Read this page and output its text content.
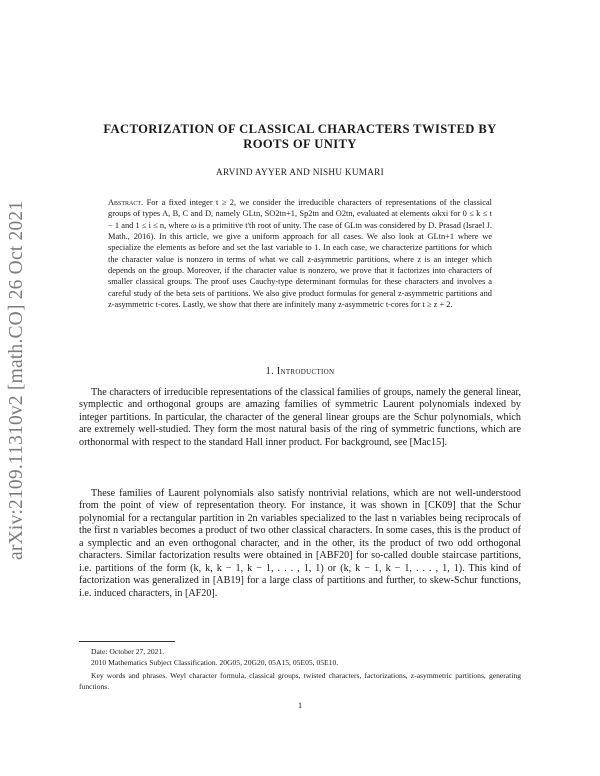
arXiv:2109.11310v2 [math.CO] 26 Oct 2021
FACTORIZATION OF CLASSICAL CHARACTERS TWISTED BY
ROOTS OF UNITY
ARVIND AYYER AND NISHU KUMARI
Abstract. For a fixed integer t ≥ 2, we consider the irreducible characters of representations of the classical groups of types A, B, C and D, namely GLtn, SO2tn+1, Sp2tn and O2tn, evaluated at elements ωkxi for 0 ≤ k ≤ t − 1 and 1 ≤ i ≤ n, where ω is a primitive t'th root of unity. The case of GLtn was considered by D. Prasad (Israel J. Math., 2016). In this article, we give a uniform approach for all cases. We also look at GLtn+1 where we specialize the elements as before and set the last variable to 1. In each case, we characterize partitions for which the character value is nonzero in terms of what we call z-asymmetric partitions, where z is an integer which depends on the group. Moreover, if the character value is nonzero, we prove that it factorizes into characters of smaller classical groups. The proof uses Cauchy-type determinant formulas for these characters and involves a careful study of the beta sets of partitions. We also give product formulas for general z-asymmetric partitions and z-asymmetric t-cores. Lastly, we show that there are infinitely many z-asymmetric t-cores for t ≥ z + 2.
1. Introduction
The characters of irreducible representations of the classical families of groups, namely the general linear, symplectic and orthogonal groups are amazing families of symmetric Laurent polynomials indexed by integer partitions. In particular, the character of the general linear groups are the Schur polynomials, which are extremely well-studied. They form the most natural basis of the ring of symmetric functions, which are orthonormal with respect to the standard Hall inner product. For background, see [Mac15].
These families of Laurent polynomials also satisfy nontrivial relations, which are not well-understood from the point of view of representation theory. For instance, it was shown in [CK09] that the Schur polynomial for a rectangular partition in 2n variables specialized to the last n variables being reciprocals of the first n variables becomes a product of two other classical characters. In some cases, this is the product of a symplectic and an even orthogonal character, and in the other, its the product of two odd orthogonal characters. Similar factorization results were obtained in [ABF20] for so-called double staircase partitions, i.e. partitions of the form (k, k, k − 1, k − 1, . . . , 1, 1) or (k, k − 1, k − 1, . . . , 1, 1). This kind of factorization was generalized in [AB19] for a large class of partitions and further, to skew-Schur functions, i.e. induced characters, in [AF20].
Date: October 27, 2021.
2010 Mathematics Subject Classification. 20G05, 20G20, 05A15, 05E05, 05E10.
Key words and phrases. Weyl character formula, classical groups, twisted characters, factorizations, z-asymmetric partitions, generating functions.
1
